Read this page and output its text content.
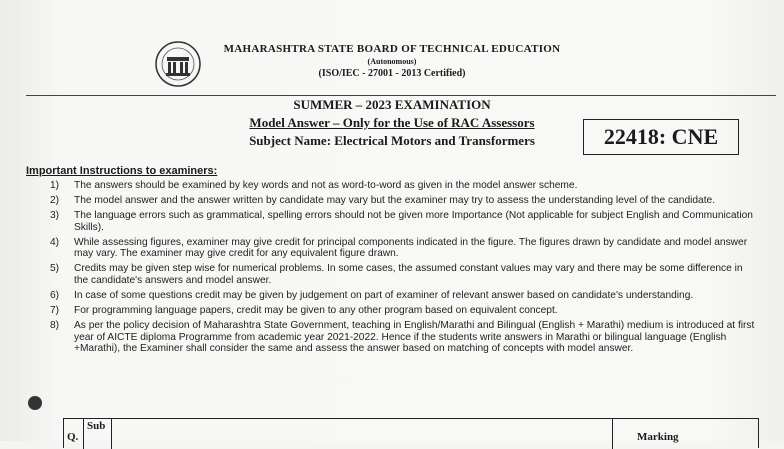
MAHARASHTRA STATE BOARD OF TECHNICAL EDUCATION
(Autonomous)
(ISO/IEC - 27001 - 2013 Certified)
SUMMER – 2023 EXAMINATION
Model Answer – Only for the Use of RAC Assessors
Subject Name: Electrical Motors and Transformers	22418: CNE
Important Instructions to examiners:
1) The answers should be examined by key words and not as word-to-word as given in the model answer scheme.
2) The model answer and the answer written by candidate may vary but the examiner may try to assess the understanding level of the candidate.
3) The language errors such as grammatical, spelling errors should not be given more Importance (Not applicable for subject English and Communication Skills).
4) While assessing figures, examiner may give credit for principal components indicated in the figure. The figures drawn by candidate and model answer may vary. The examiner may give credit for any equivalent figure drawn.
5) Credits may be given step wise for numerical problems. In some cases, the assumed constant values may vary and there may be some difference in the candidate's answers and model answer.
6) In case of some questions credit may be given by judgement on part of examiner of relevant answer based on candidate's understanding.
7) For programming language papers, credit may be given to any other program based on equivalent concept.
8) As per the policy decision of Maharashtra State Government, teaching in English/Marathi and Bilingual (English + Marathi) medium is introduced at first year of AICTE diploma Programme from academic year 2021-2022. Hence if the students write answers in Marathi or bilingual language (English +Marathi), the Examiner shall consider the same and assess the answer based on matching of concepts with model answer.
Q.
Sub
Marking
